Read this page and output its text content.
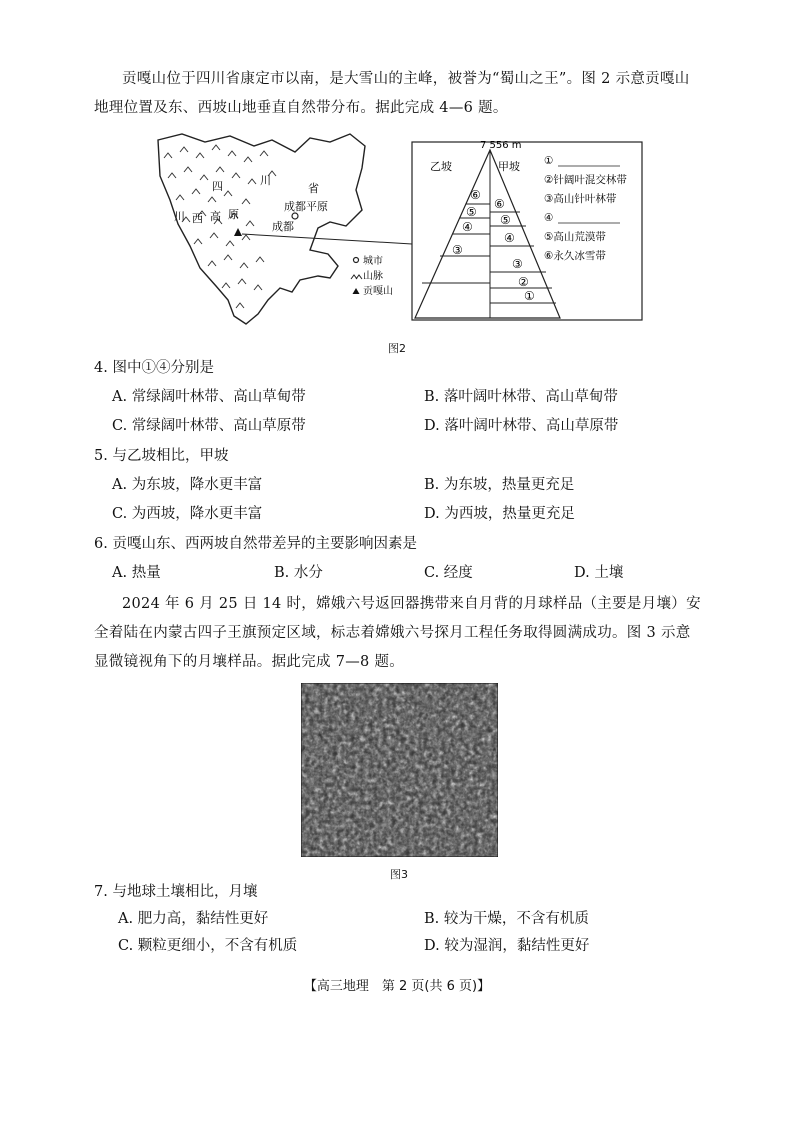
贡嘎山位于四川省康定市以南，是大雪山的主峰，被誉为“蜀山之王”。图 2 示意贡嘎山地理位置及东、西坡山地垂直自然带分布。据此完成 4—6 题。
四	川
省
川 西 高 原
成都平原
成都
城市
山脉
贡嘎山
7 556 m
乙坡	甲坡
⑥
⑤
④
③
⑥
⑤
④
③
②
①
①
②针阔叶混交林带
③高山针叶林带
④
⑤高山荒漠带
⑥永久冰雪带
图2
4. 图中①④分别是
A. 常绿阔叶林带、高山草甸带	B. 落叶阔叶林带、高山草甸带
C. 常绿阔叶林带、高山草原带	D. 落叶阔叶林带、高山草原带
5. 与乙坡相比，甲坡
A. 为东坡，降水更丰富	B. 为东坡，热量更充足
C. 为西坡，降水更丰富	D. 为西坡，热量更充足
6. 贡嘎山东、西两坡自然带差异的主要影响因素是
A. 热量	B. 水分	C. 经度	D. 土壤
2024 年 6 月 25 日 14 时，嫦娥六号返回器携带来自月背的月球样品（主要是月壤）安全着陆在内蒙古四子王旗预定区域，标志着嫦娥六号探月工程任务取得圆满成功。图 3 示意显微镜视角下的月壤样品。据此完成 7—8 题。
图3
7. 与地球土壤相比，月壤
A. 肥力高，黏结性更好	B. 较为干燥，不含有机质
C. 颗粒更细小，不含有机质	D. 较为湿润，黏结性更好
【高三地理　第 2 页(共 6 页)】
